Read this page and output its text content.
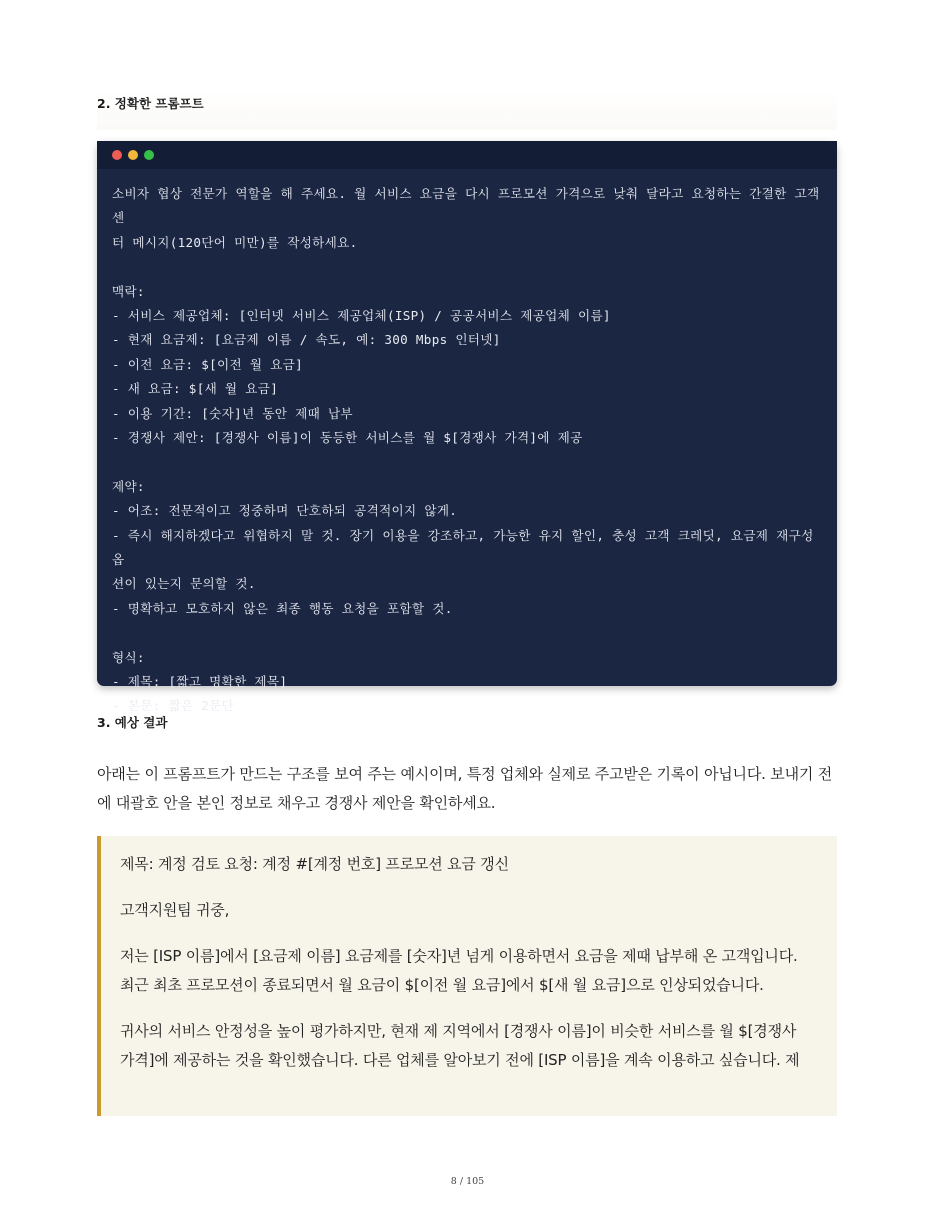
2. 정확한 프롬프트
소비자 협상 전문가 역할을 해 주세요. 월 서비스 요금을 다시 프로모션 가격으로 낮춰 달라고 요청하는 간결한 고객센
터 메시지(120단어 미만)를 작성하세요.
맥락:
- 서비스 제공업체: [인터넷 서비스 제공업체(ISP) / 공공서비스 제공업체 이름]
- 현재 요금제: [요금제 이름 / 속도, 예: 300 Mbps 인터넷]
- 이전 요금: $[이전 월 요금]
- 새 요금: $[새 월 요금]
- 이용 기간: [숫자]년 동안 제때 납부
- 경쟁사 제안: [경쟁사 이름]이 동등한 서비스를 월 $[경쟁사 가격]에 제공
제약:
- 어조: 전문적이고 정중하며 단호하되 공격적이지 않게.
- 즉시 해지하겠다고 위협하지 말 것. 장기 이용을 강조하고, 가능한 유지 할인, 충성 고객 크레딧, 요금제 재구성 옵
션이 있는지 문의할 것.
- 명확하고 모호하지 않은 최종 행동 요청을 포함할 것.
형식:
- 제목: [짧고 명확한 제목]
- 본문: 짧은 2문단
3. 예상 결과

아래는 이 프롬프트가 만드는 구조를 보여 주는 예시이며, 특정 업체와 실제로 주고받은 기록이 아닙니다. 보내기 전에 대괄호 안을 본인 정보로 채우고 경쟁사 제안을 확인하세요.

제목: 계정 검토 요청: 계정 #[계정 번호] 프로모션 요금 갱신

고객지원팀 귀중,

저는 [ISP 이름]에서 [요금제 이름] 요금제를 [숫자]년 넘게 이용하면서 요금을 제때 납부해 온 고객입니다. 최근 최초 프로모션이 종료되면서 월 요금이 $[이전 월 요금]에서 $[새 월 요금]으로 인상되었습니다.

귀사의 서비스 안정성을 높이 평가하지만, 현재 제 지역에서 [경쟁사 이름]이 비슷한 서비스를 월 $[경쟁사 가격]에 제공하는 것을 확인했습니다. 다른 업체를 알아보기 전에 [ISP 이름]을 계속 이용하고 싶습니다. 제

8 / 105
